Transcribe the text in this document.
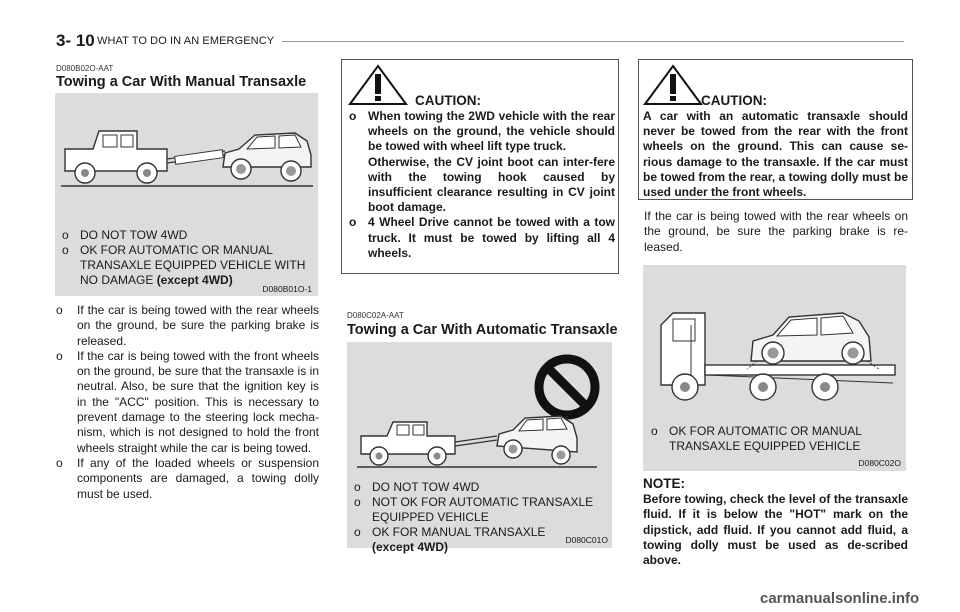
3- 10 WHAT TO DO IN AN EMERGENCY
D080B02O-AAT
Towing a Car With Manual Transaxle
o DO NOT TOW 4WD
o OK FOR AUTOMATIC OR MANUAL TRANSAXLE EQUIPPED VEHICLE WITH NO DAMAGE (except 4WD)
D080B01O-1
o If the car is being towed with the rear wheels on the ground, be sure the parking brake is released.
o If the car is being towed with the front wheels on the ground, be sure that the transaxle is in neutral. Also, be sure that the ignition key is in the "ACC" position. This is necessary to prevent damage to the steering lock mecha-nism, which is not designed to hold the front wheels straight while the car is being towed.
o If any of the loaded wheels or suspension components are damaged, a towing dolly must be used.
CAUTION:
o When towing the 2WD vehicle with the rear wheels on the ground, the vehicle should be towed with wheel lift type truck.
Otherwise, the CV joint boot can inter-fere with the towing hook caused by insufficient clearance resulting in CV joint boot damage.
o 4 Wheel Drive cannot be towed with a tow truck. It must be towed by lifting all 4 wheels.
D080C02A-AAT
Towing a Car With Automatic Transaxle
o DO NOT TOW 4WD
o NOT OK FOR AUTOMATIC TRANSAXLE EQUIPPED VEHICLE
o OK FOR MANUAL TRANSAXLE
(except 4WD)	D080C01O
CAUTION:
A car with an automatic transaxle should never be towed from the rear with the front wheels on the ground. This can cause se-rious damage to the transaxle. If the car must be towed from the rear, a towing dolly must be used under the front wheels.
If the car is being towed with the rear wheels on the ground, be sure the parking brake is re-leased.
o OK FOR AUTOMATIC OR MANUAL TRANSAXLE EQUIPPED VEHICLE
D080C02O
NOTE:
Before towing, check the level of the transaxle fluid. If it is below the "HOT" mark on the dipstick, add fluid. If you cannot add fluid, a towing dolly must be used as de-scribed above.
carmanualsonline.info
